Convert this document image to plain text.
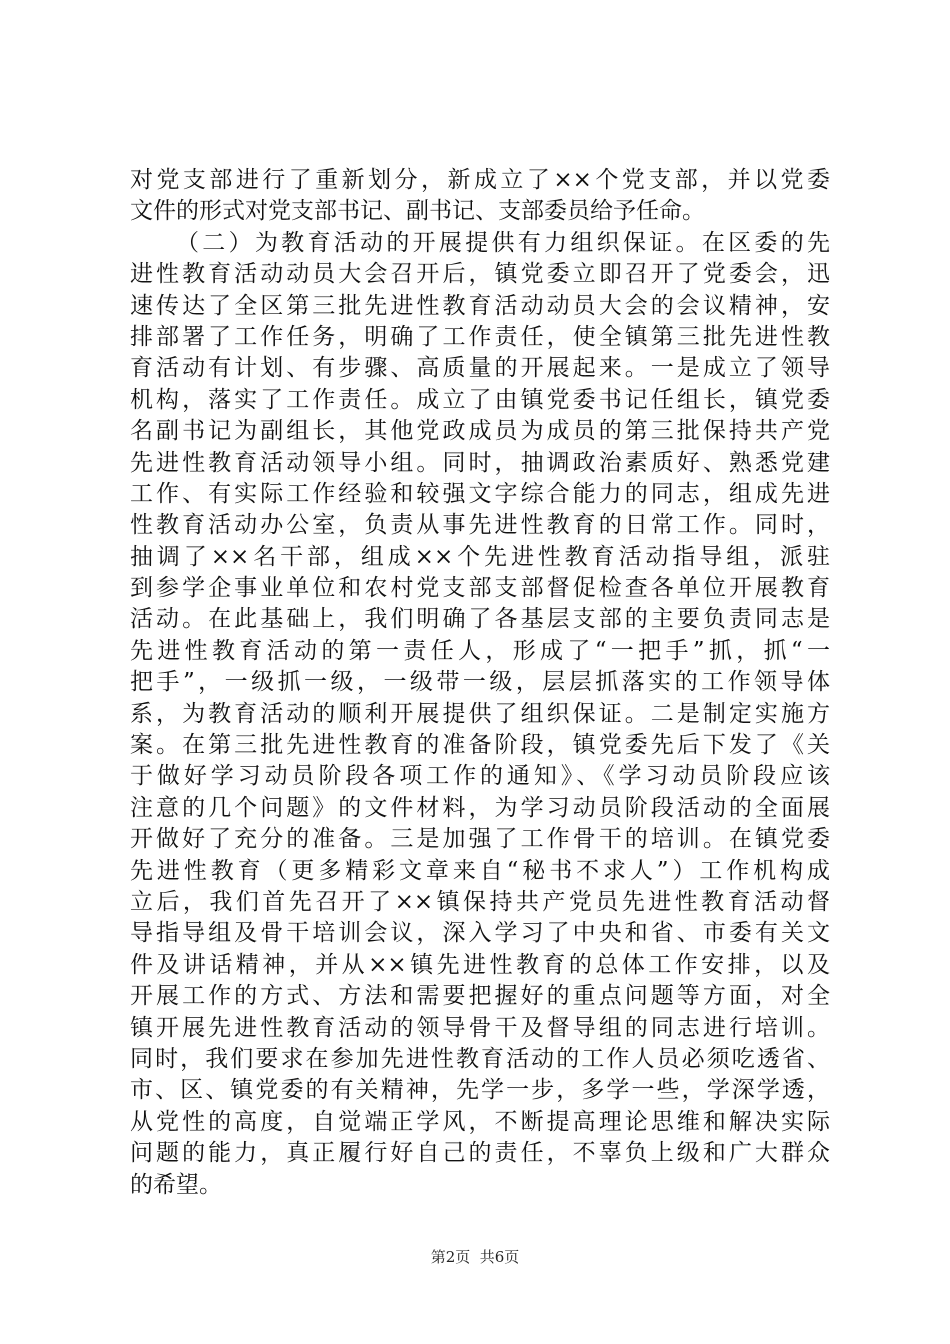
对党支部进行了重新划分，新成立了××个党支部，并以党委
文件的形式对党支部书记、副书记、支部委员给予任命。
（二）为教育活动的开展提供有力组织保证。在区委的先
进性教育活动动员大会召开后，镇党委立即召开了党委会，迅
速传达了全区第三批先进性教育活动动员大会的会议精神，安
排部署了工作任务，明确了工作责任，使全镇第三批先进性教
育活动有计划、有步骤、高质量的开展起来。一是成立了领导
机构，落实了工作责任。成立了由镇党委书记任组长，镇党委
名副书记为副组长，其他党政成员为成员的第三批保持共产党
先进性教育活动领导小组。同时，抽调政治素质好、熟悉党建
工作、有实际工作经验和较强文字综合能力的同志，组成先进
性教育活动办公室，负责从事先进性教育的日常工作。同时，
抽调了××名干部，组成××个先进性教育活动指导组，派驻
到参学企事业单位和农村党支部支部督促检查各单位开展教育
活动。在此基础上，我们明确了各基层支部的主要负责同志是
先进性教育活动的第一责任人，形成了“一把手”抓，抓“一
把手”，一级抓一级，一级带一级，层层抓落实的工作领导体
系，为教育活动的顺利开展提供了组织保证。二是制定实施方
案。在第三批先进性教育的准备阶段，镇党委先后下发了《关
于做好学习动员阶段各项工作的通知》、《学习动员阶段应该
注意的几个问题》的文件材料，为学习动员阶段活动的全面展
开做好了充分的准备。三是加强了工作骨干的培训。在镇党委
先进性教育（更多精彩文章来自“秘书不求人”）工作机构成
立后，我们首先召开了××镇保持共产党员先进性教育活动督
导指导组及骨干培训会议，深入学习了中央和省、市委有关文
件及讲话精神，并从××镇先进性教育的总体工作安排，以及
开展工作的方式、方法和需要把握好的重点问题等方面，对全
镇开展先进性教育活动的领导骨干及督导组的同志进行培训。
同时，我们要求在参加先进性教育活动的工作人员必须吃透省、
市、区、镇党委的有关精神，先学一步，多学一些，学深学透，
从党性的高度，自觉端正学风，不断提高理论思维和解决实际
问题的能力，真正履行好自己的责任，不辜负上级和广大群众
的希望。
第2页  共6页
